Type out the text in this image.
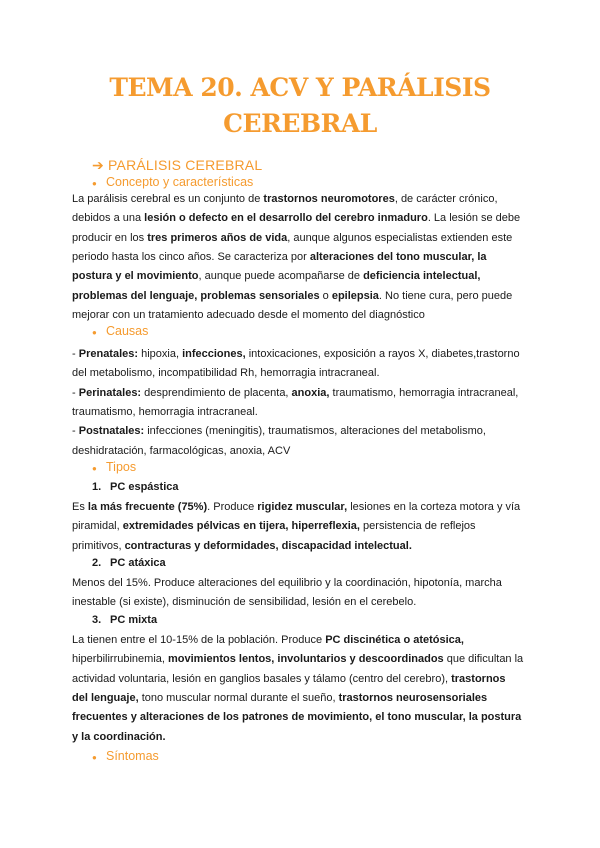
TEMA 20. ACV Y PARÁLISIS
CEREBRAL
➔ PARÁLISIS CEREBRAL
● Concepto y características
La parálisis cerebral es un conjunto de trastornos neuromotores, de carácter crónico,
debidos a una lesión o defecto en el desarrollo del cerebro inmaduro. La lesión se debe
producir en los tres primeros años de vida, aunque algunos especialistas extienden este
periodo hasta los cinco años. Se caracteriza por alteraciones del tono muscular, la
postura y el movimiento, aunque puede acompañarse de deficiencia intelectual,
problemas del lenguaje, problemas sensoriales o epilepsia. No tiene cura, pero puede
mejorar con un tratamiento adecuado desde el momento del diagnóstico
● Causas
- Prenatales: hipoxia, infecciones, intoxicaciones, exposición a rayos X, diabetes,trastorno
del metabolismo, incompatibilidad Rh, hemorragia intracraneal.
- Perinatales: desprendimiento de placenta, anoxia, traumatismo, hemorragia intracraneal,
traumatismo, hemorragia intracraneal.
- Postnatales: infecciones (meningitis), traumatismos, alteraciones del metabolismo,
deshidratación, farmacológicas, anoxia, ACV
● Tipos
1. PC espástica
Es la más frecuente (75%). Produce rigidez muscular, lesiones en la corteza motora y vía
piramidal, extremidades pélvicas en tijera, hiperreflexia, persistencia de reflejos
primitivos, contracturas y deformidades, discapacidad intelectual.
2. PC atáxica
Menos del 15%. Produce alteraciones del equilibrio y la coordinación, hipotonía, marcha
inestable (si existe), disminución de sensibilidad, lesión en el cerebelo.
3. PC mixta
La tienen entre el 10-15% de la población. Produce PC discinética o atetósica,
hiperbilirrubinemia, movimientos lentos, involuntarios y descoordinados que dificultan la
actividad voluntaria, lesión en ganglios basales y tálamo (centro del cerebro), trastornos
del lenguaje, tono muscular normal durante el sueño, trastornos neurosensoriales
frecuentes y alteraciones de los patrones de movimiento, el tono muscular, la postura
y la coordinación.
● Síntomas
